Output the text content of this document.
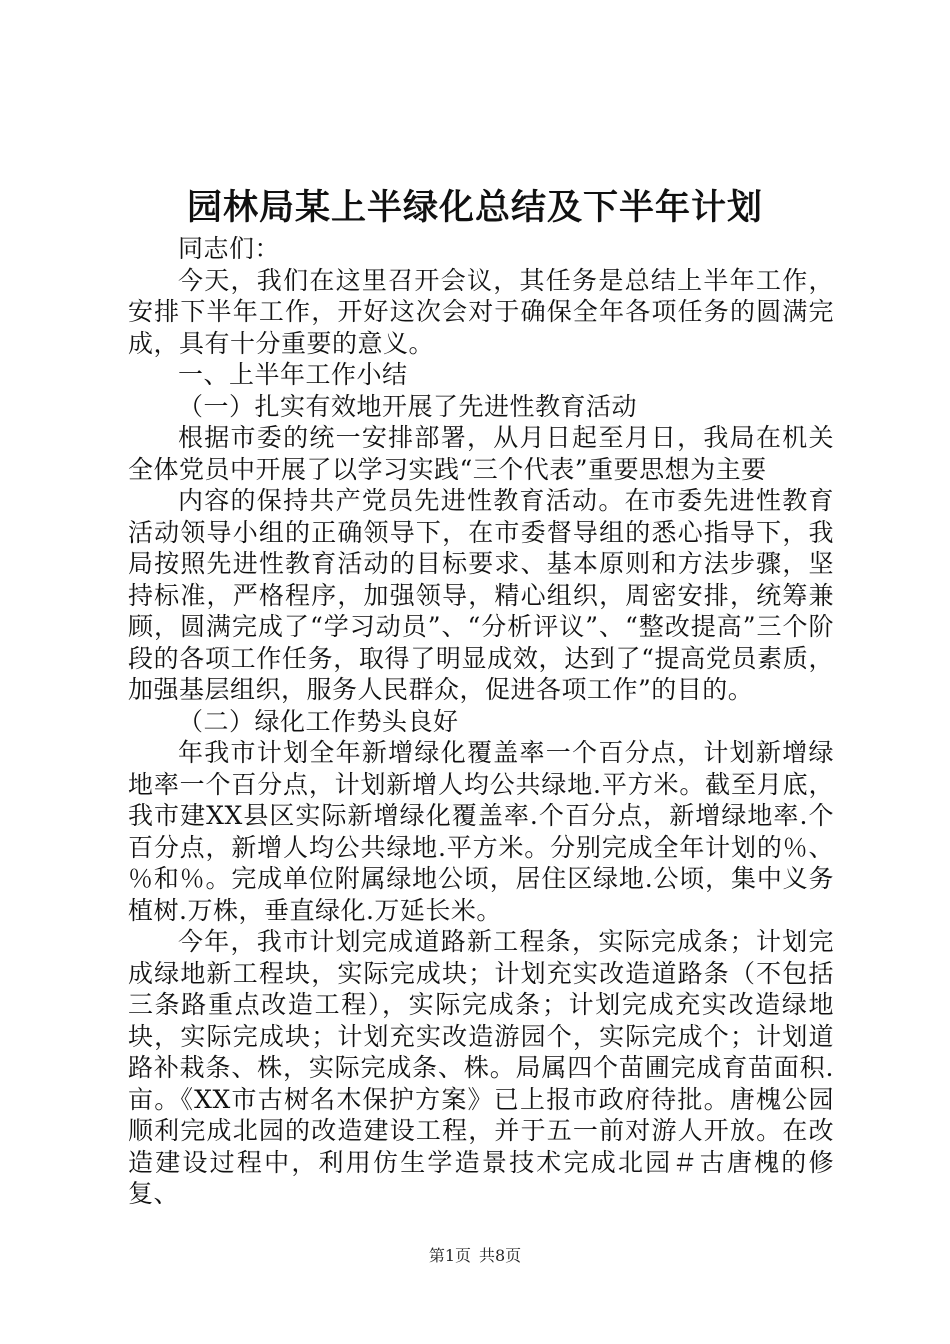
园林局某上半绿化总结及下半年计划

同志们：

今天，我们在这里召开会议，其任务是总结上半年工作，安排下半年工作，开好这次会对于确保全年各项任务的圆满完成，具有十分重要的意义。

一、上半年工作小结

（一）扎实有效地开展了先进性教育活动

根据市委的统一安排部署，从月日起至月日，我局在机关全体党员中开展了以学习实践“三个代表”重要思想为主要

内容的保持共产党员先进性教育活动。在市委先进性教育活动领导小组的正确领导下，在市委督导组的悉心指导下，我局按照先进性教育活动的目标要求、基本原则和方法步骤，坚持标准，严格程序，加强领导，精心组织，周密安排，统筹兼顾，圆满完成了“学习动员”、“分析评议”、“整改提高”三个阶段的各项工作任务，取得了明显成效，达到了“提高党员素质，加强基层组织，服务人民群众，促进各项工作”的目的。

（二）绿化工作势头良好

年我市计划全年新增绿化覆盖率一个百分点，计划新增绿地率一个百分点，计划新增人均公共绿地.平方米。截至月底，我市建XX县区实际新增绿化覆盖率.个百分点，新增绿地率.个百分点，新增人均公共绿地.平方米。分别完成全年计划的％、％和％。完成单位附属绿地公顷，居住区绿地.公顷，集中义务植树.万株，垂直绿化.万延长米。

今年，我市计划完成道路新工程条，实际完成条；计划完成绿地新工程块，实际完成块；计划充实改造道路条（不包括三条路重点改造工程），实际完成条；计划完成充实改造绿地块，实际完成块；计划充实改造游园个，实际完成个；计划道路补栽条、株，实际完成条、株。局属四个苗圃完成育苗面积.亩。《XX市古树名木保护方案》已上报市政府待批。唐槐公园顺利完成北园的改造建设工程，并于五一前对游人开放。在改造建设过程中，利用仿生学造景技术完成北园＃古唐槐的修复、

第1页 共8页
